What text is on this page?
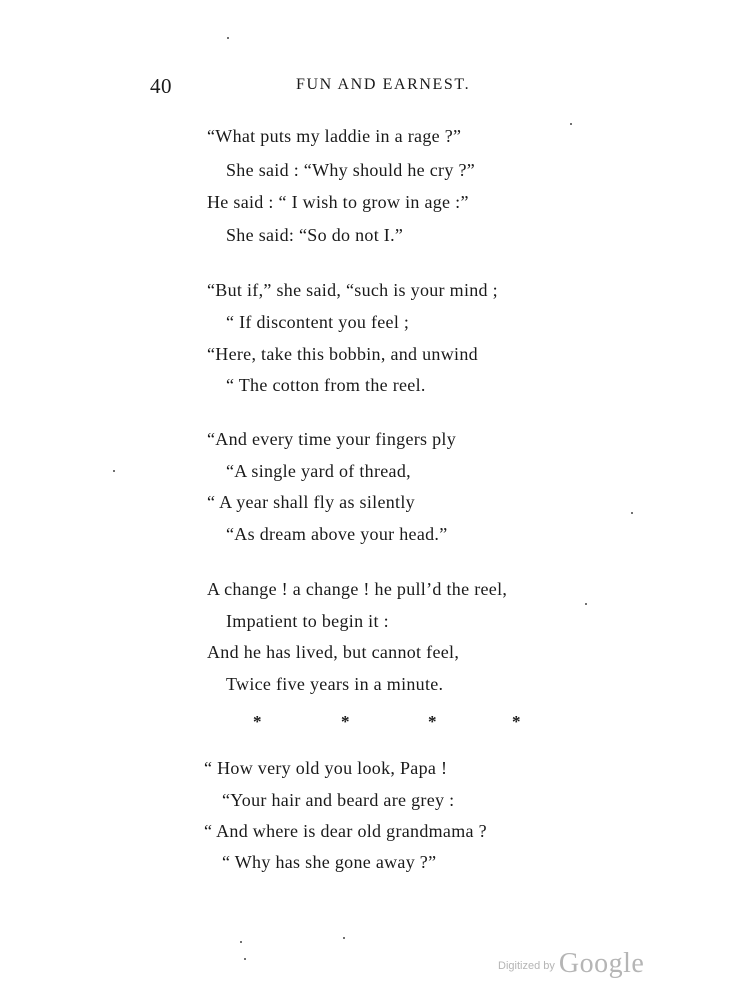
40	FUN AND EARNEST.
“What puts my laddie in a rage ?”
She said : “Why should he cry ?”
He said : “ I wish to grow in age :”
She said: “So do not I.”
“But if,” she said, “such is your mind ;
“ If discontent you feel ;
“Here, take this bobbin, and unwind
“ The cotton from the reel.
“And every time your fingers ply
“A single yard of thread,
“ A year shall fly as silently
“As dream above your head.”
A change ! a change ! he pull’d the reel,
Impatient to begin it :
And he has lived, but cannot feel,
Twice five years in a minute.
*	*	*	*
“ How very old you look, Papa !
“Your hair and beard are grey :
“ And where is dear old grandmama ?
“ Why has she gone away ?”
Digitized by Google
